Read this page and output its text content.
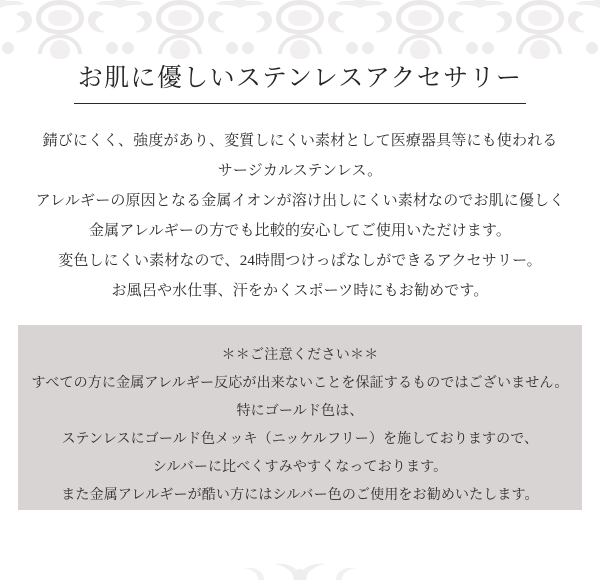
お肌に優しいステンレスアクセサリー
錆びにくく、強度があり、変質しにくい素材として医療器具等にも使われる
サージカルステンレス。
アレルギーの原因となる金属イオンが溶け出しにくい素材なのでお肌に優しく
金属アレルギーの方でも比較的安心してご使用いただけます。
変色しにくい素材なので、24時間つけっぱなしができるアクセサリー。
お風呂や水仕事、汗をかくスポーツ時にもお勧めです。
＊＊ご注意ください＊＊
すべての方に金属アレルギー反応が出来ないことを保証するものではございません。
特にゴールド色は、
ステンレスにゴールド色メッキ（ニッケルフリー）を施しておりますので、
シルバーに比べくすみやすくなっております。
また金属アレルギーが酷い方にはシルバー色のご使用をお勧めいたします。
